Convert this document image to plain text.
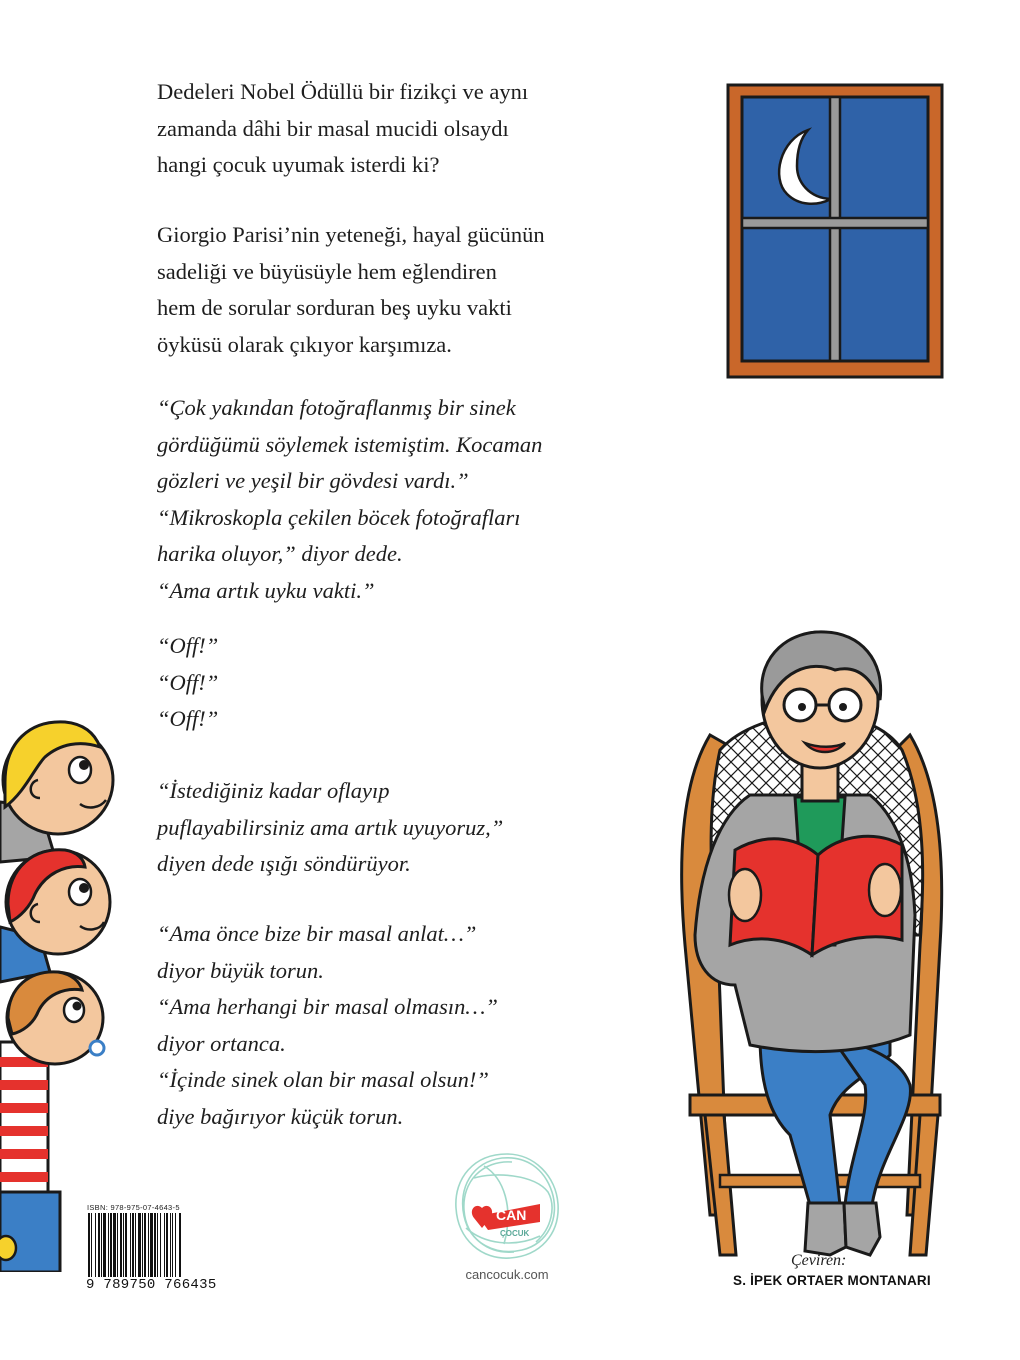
Dedeleri Nobel Ödüllü bir fizikçi ve aynı

zamanda dâhi bir masal mucidi olsaydı

hangi çocuk uyumak isterdi ki?

Giorgio Parisi’nin yeteneği, hayal gücünün

sadeliği ve büyüsüyle hem eğlendiren

hem de sorular sorduran beş uyku vakti

öyküsü olarak çıkıyor karşımıza.

“Çok yakından fotoğraflanmış bir sinek

gördüğümü söylemek istemiştim. Kocaman

gözleri ve yeşil bir gövdesi vardı.”

“Mikroskopla çekilen böcek fotoğrafları

harika oluyor,” diyor dede.

“Ama artık uyku vakti.”

“Off!”

“Off!”

“Off!”

“İstediğiniz kadar oflayıp

puflayabilirsiniz ama artık uyuyoruz,”

diyen dede ışığı söndürüyor.

“Ama önce bize bir masal anlat…”

diyor büyük torun.

“Ama herhangi bir masal olmasın…”

diyor ortanca.

“İçinde sinek olan bir masal olsun!”

diye bağırıyor küçük torun.

CAN
ÇOCUK
cancocuk.com
ISBN: 978-975-07-4643-5
9 789750 766435
Çeviren:
S. İPEK ORTAER MONTANARI
